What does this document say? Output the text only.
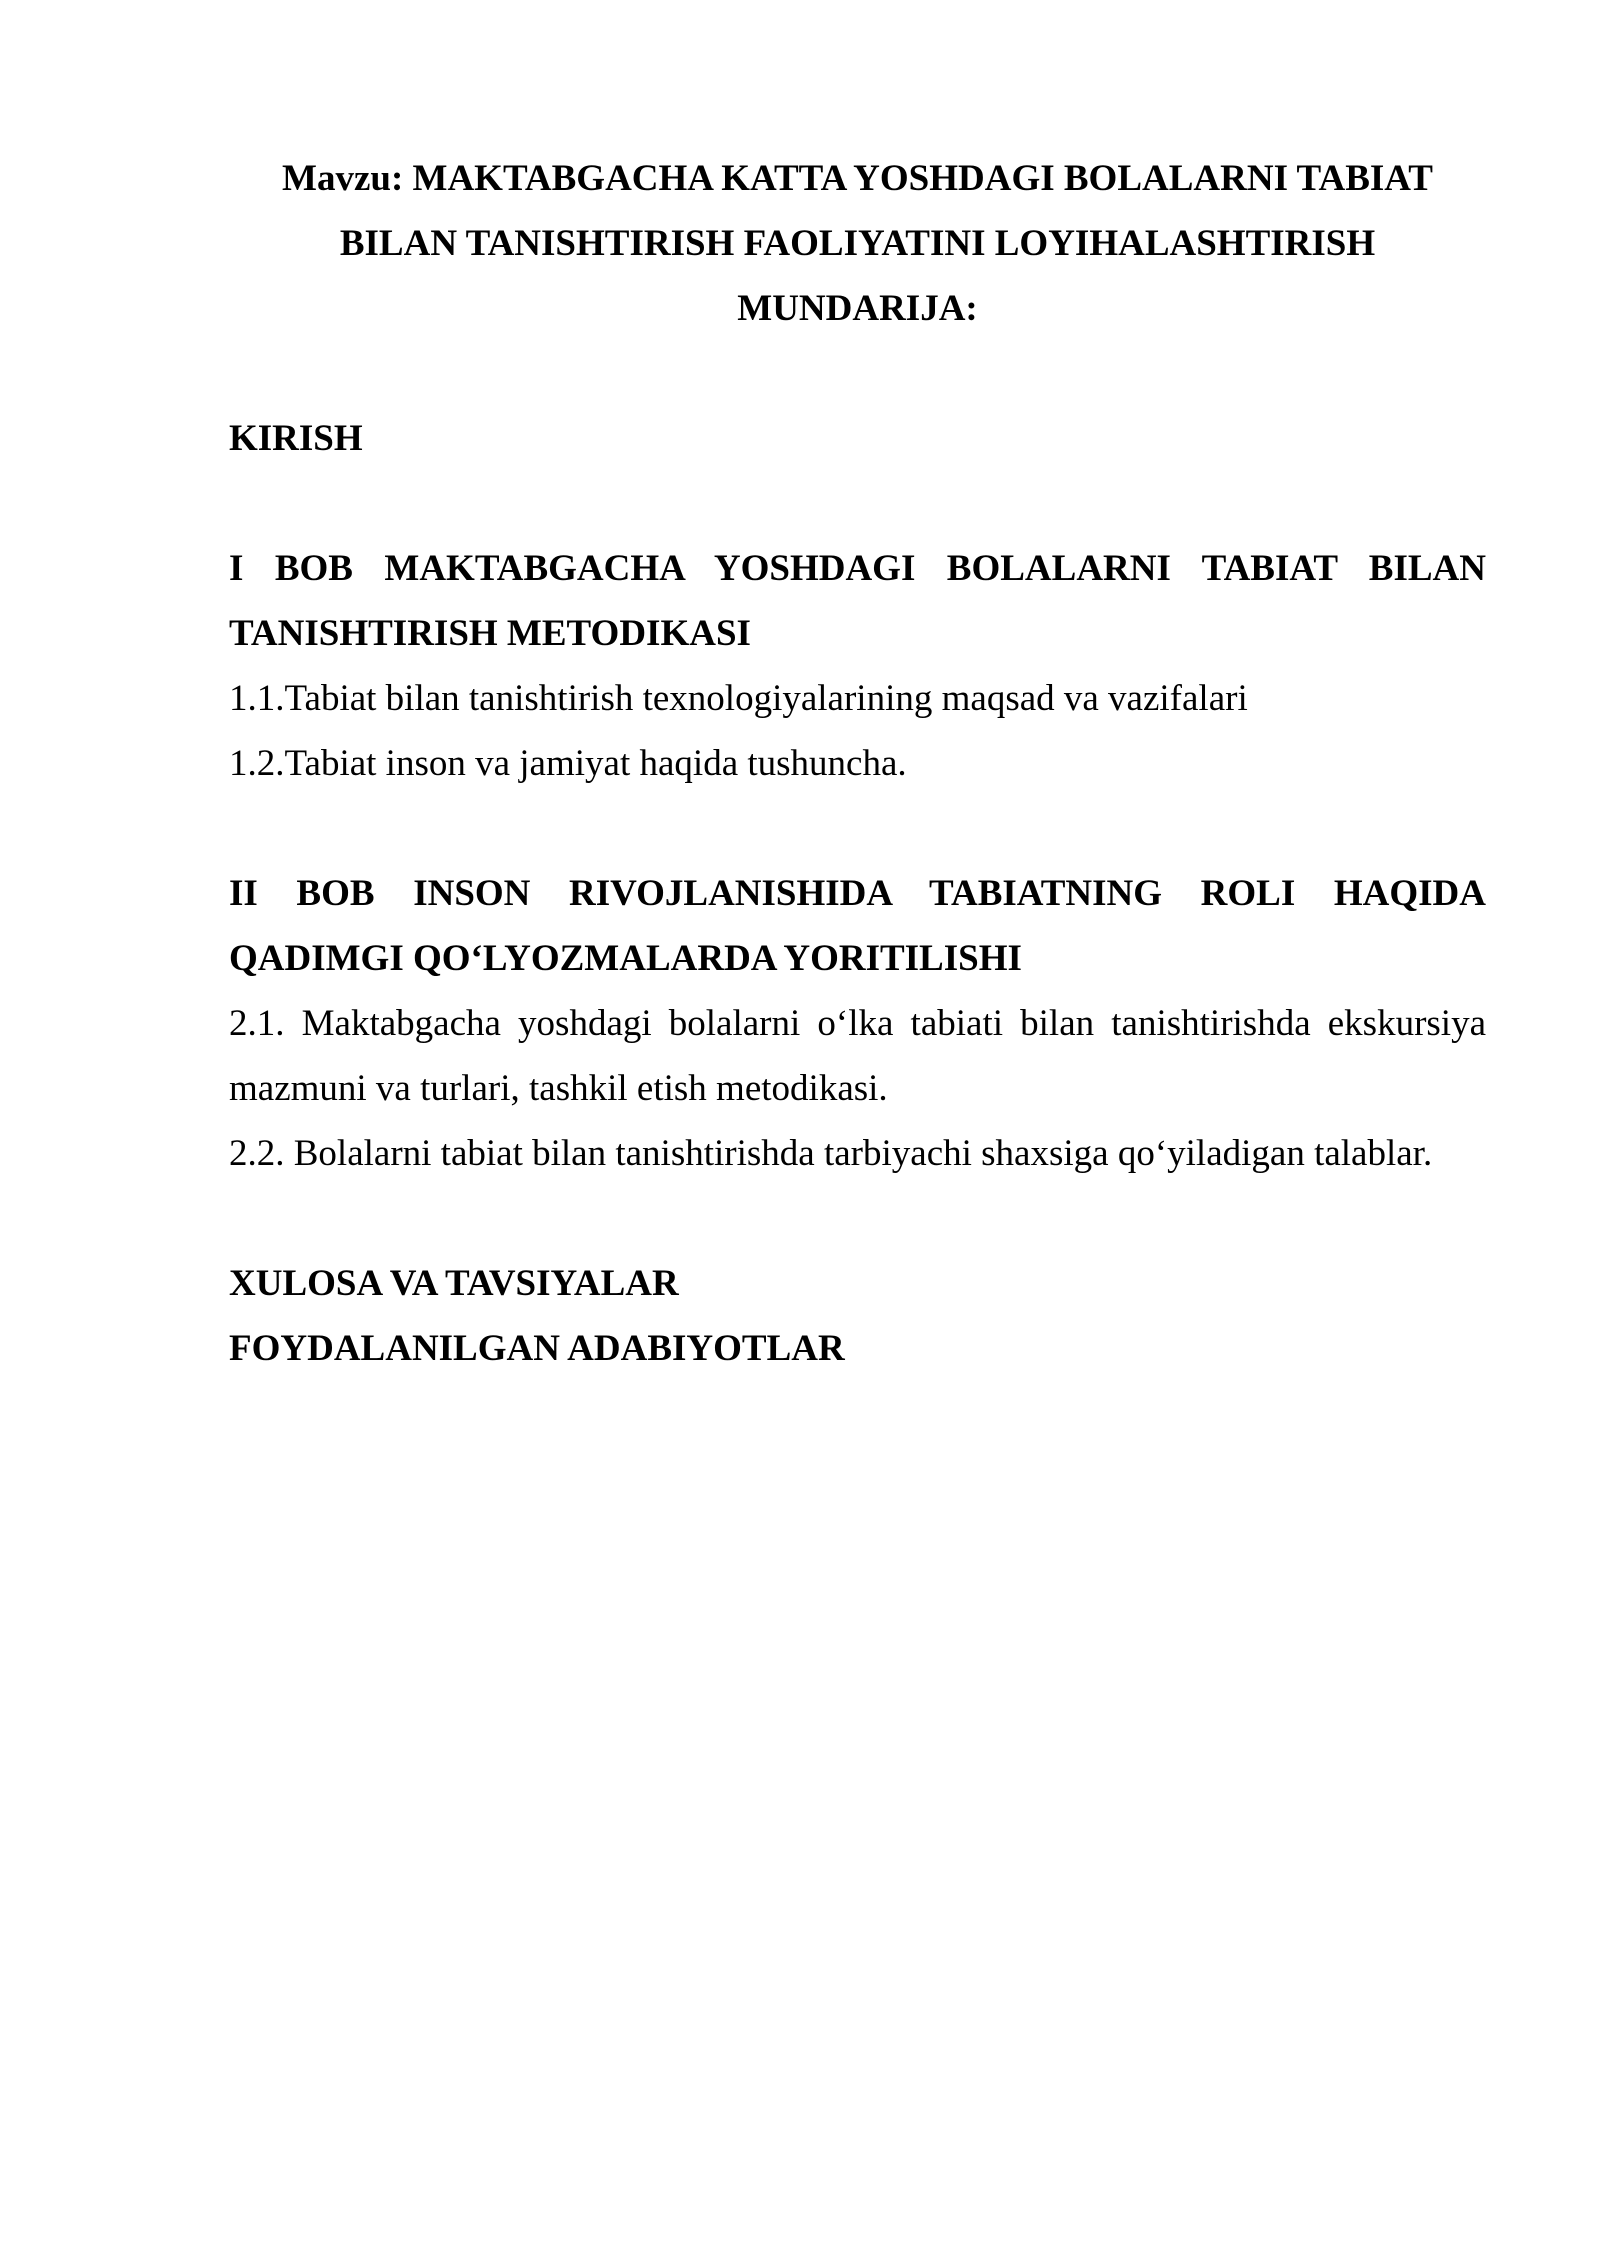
Mavzu: MAKTABGACHA KATTA YOSHDAGI BOLALARNI TABIAT
BILAN TANISHTIRISH FAOLIYATINI LOYIHALASHTIRISH
MUNDARIJA:

KIRISH

I BOB MAKTABGACHA YOSHDAGI BOLALARNI TABIAT BILAN
TANISHTIRISH METODIKASI

1.1.Tabiat bilan tanishtirish texnologiyalarining maqsad va vazifalari

1.2.Tabiat inson va jamiyat haqida tushuncha.

II BOB INSON RIVOJLANISHIDA TABIATNING ROLI HAQIDA
QADIMGI QO‘LYOZMALARDA YORITILISHI
2.1. Maktabgacha yoshdagi bolalarni o‘lka tabiati bilan tanishtirishda ekskursiya
mazmuni va turlari, tashkil etish metodikasi.

2.2. Bolalarni tabiat bilan tanishtirishda tarbiyachi shaxsiga qo‘yiladigan talablar.

XULOSA VA TAVSIYALAR

FOYDALANILGAN ADABIYOTLAR
